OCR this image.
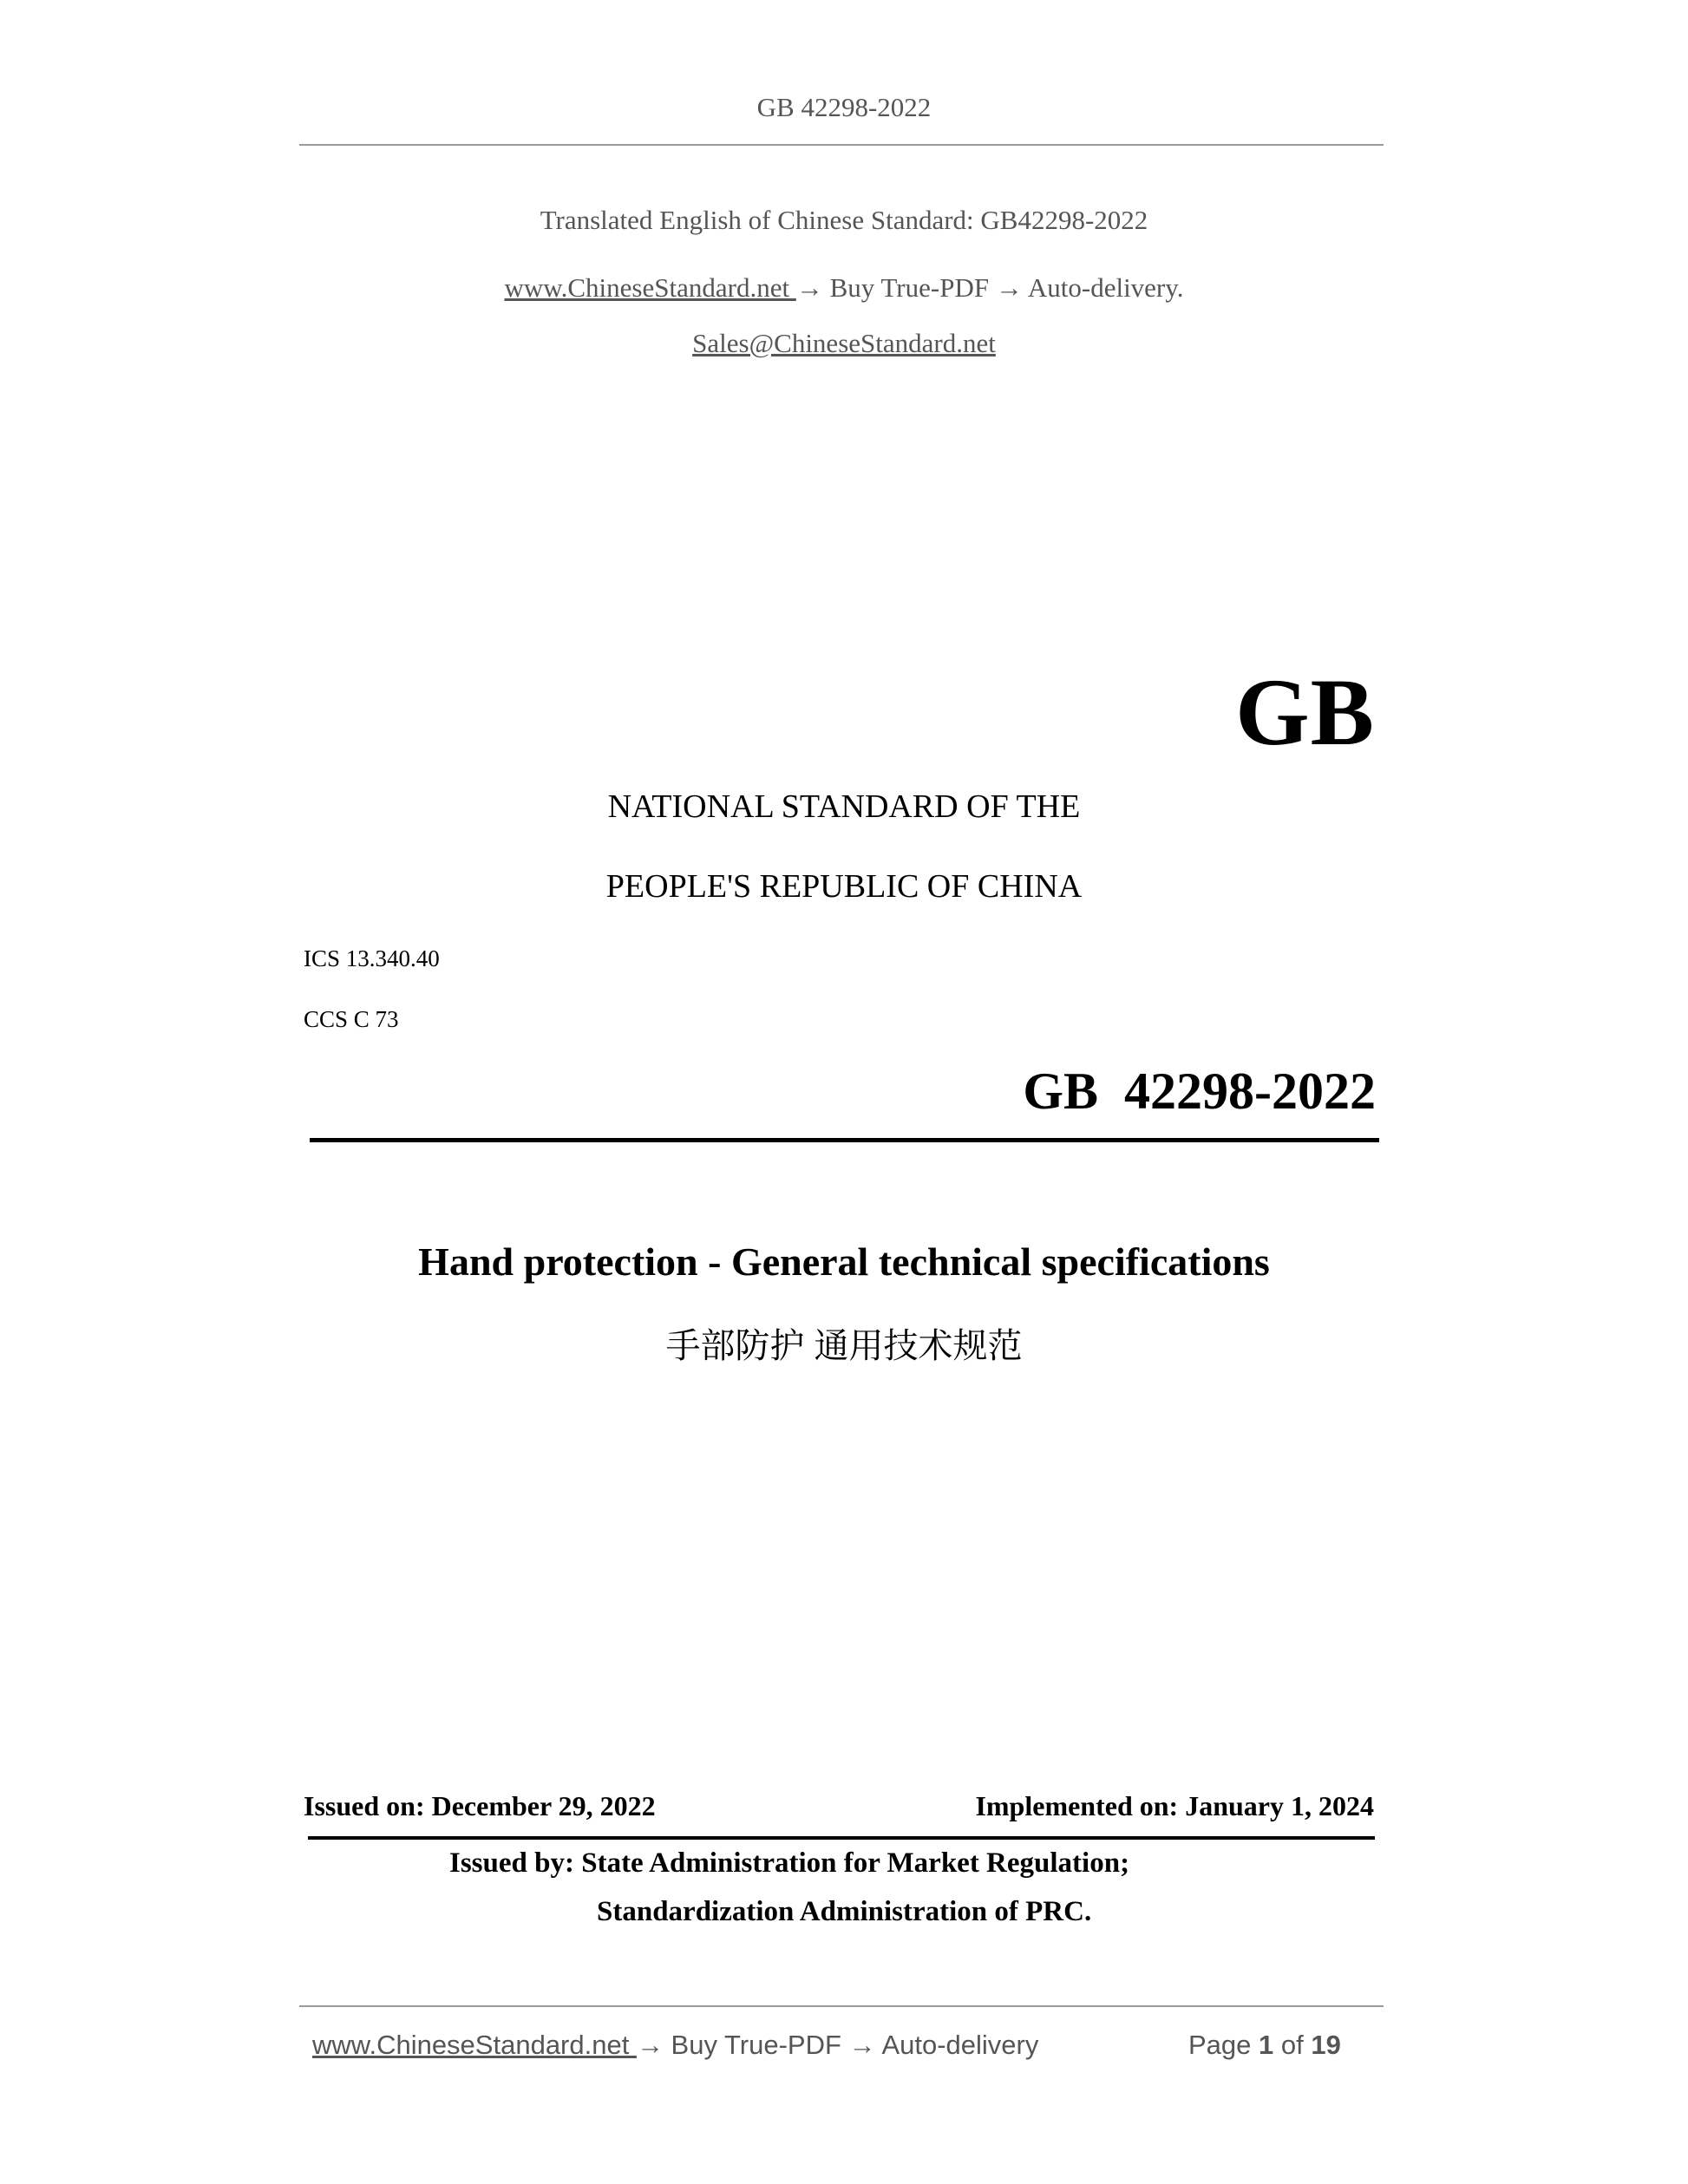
GB 42298-2022
Translated English of Chinese Standard: GB42298-2022
www.ChineseStandard.net → Buy True-PDF → Auto-delivery.
Sales@ChineseStandard.net
GB
NATIONAL STANDARD OF THE
PEOPLE'S REPUBLIC OF CHINA
ICS 13.340.40
CCS C 73
GB  42298-2022
Hand protection - General technical specifications
手部防护 通用技术规范
Issued on: December 29, 2022	Implemented on: January 1, 2024
Issued by: State Administration for Market Regulation;
Standardization Administration of PRC.
www.ChineseStandard.net → Buy True-PDF → Auto-delivery	Page 1 of 19
